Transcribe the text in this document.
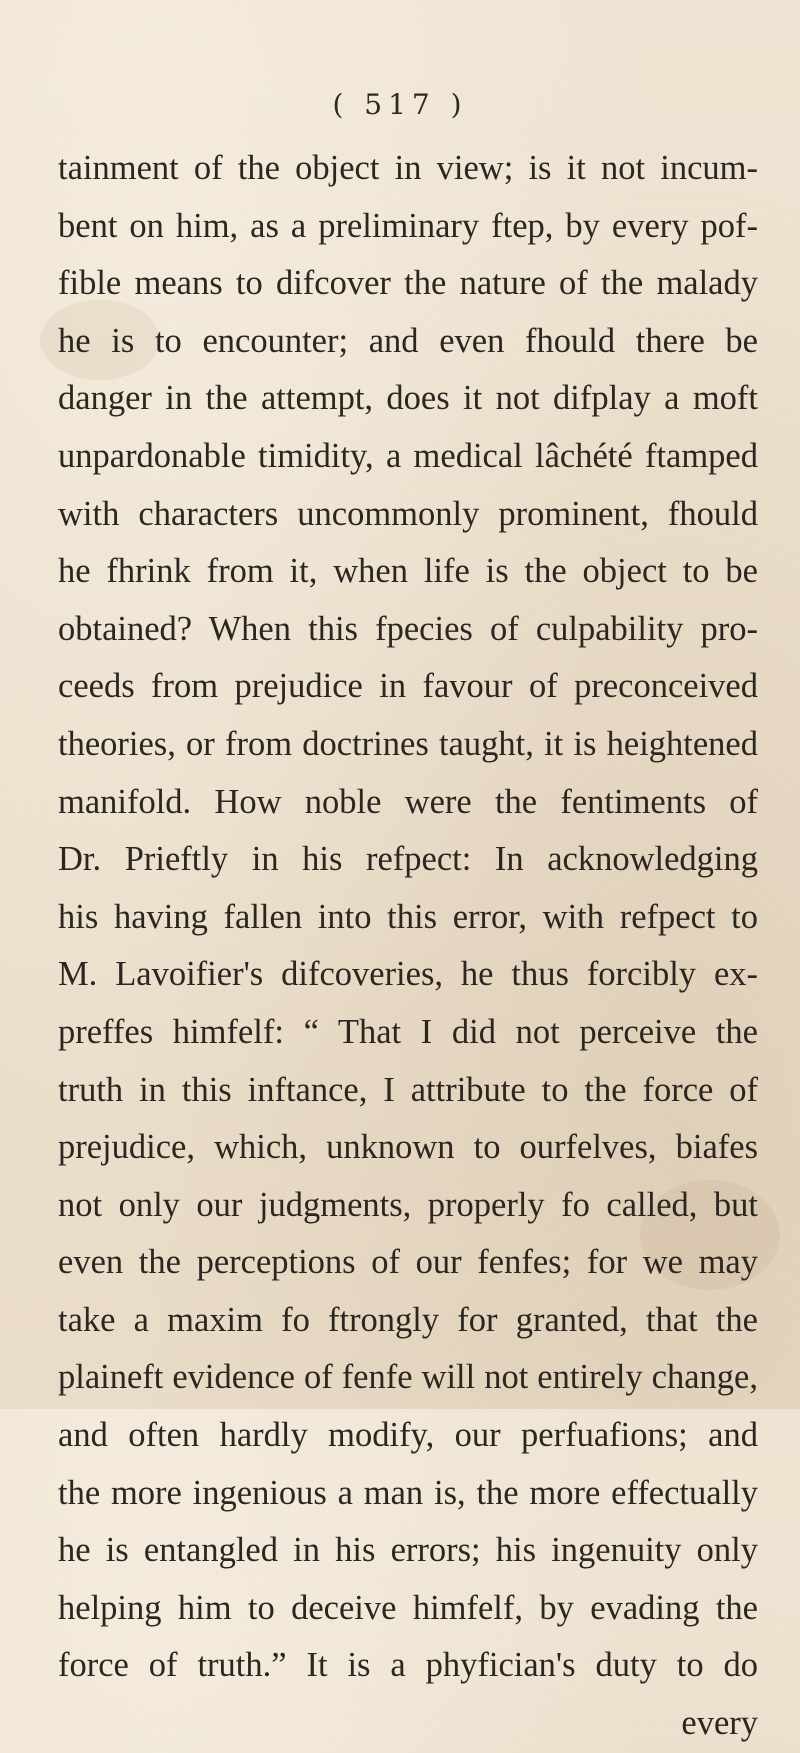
( 517 )
tainment of the object in view; is it not incum-
bent on him, as a preliminary ftep, by every pof-
fible means to difcover the nature of the malady
he is to encounter; and even fhould there be
danger in the attempt, does it not difplay a moft
unpardonable timidity, a medical lâchété ftamped
with characters uncommonly prominent, fhould
he fhrink from it, when life is the object to be
obtained? When this fpecies of culpability pro-
ceeds from prejudice in favour of preconceived
theories, or from doctrines taught, it is heightened
manifold. How noble were the fentiments of
Dr. Prieftly in his refpect: In acknowledging
his having fallen into this error, with refpect to
M. Lavoifier's difcoveries, he thus forcibly ex-
preffes himfelf: “ That I did not perceive the
truth in this inftance, I attribute to the force of
prejudice, which, unknown to ourfelves, biafes
not only our judgments, properly fo called, but
even the perceptions of our fenfes; for we may
take a maxim fo ftrongly for granted, that the
plaineft evidence of fenfe will not entirely change,
and often hardly modify, our perfuafions; and
the more ingenious a man is, the more effectually
he is entangled in his errors; his ingenuity only
helping him to deceive himfelf, by evading the
force of truth.” It is a phyfician's duty to do
every
